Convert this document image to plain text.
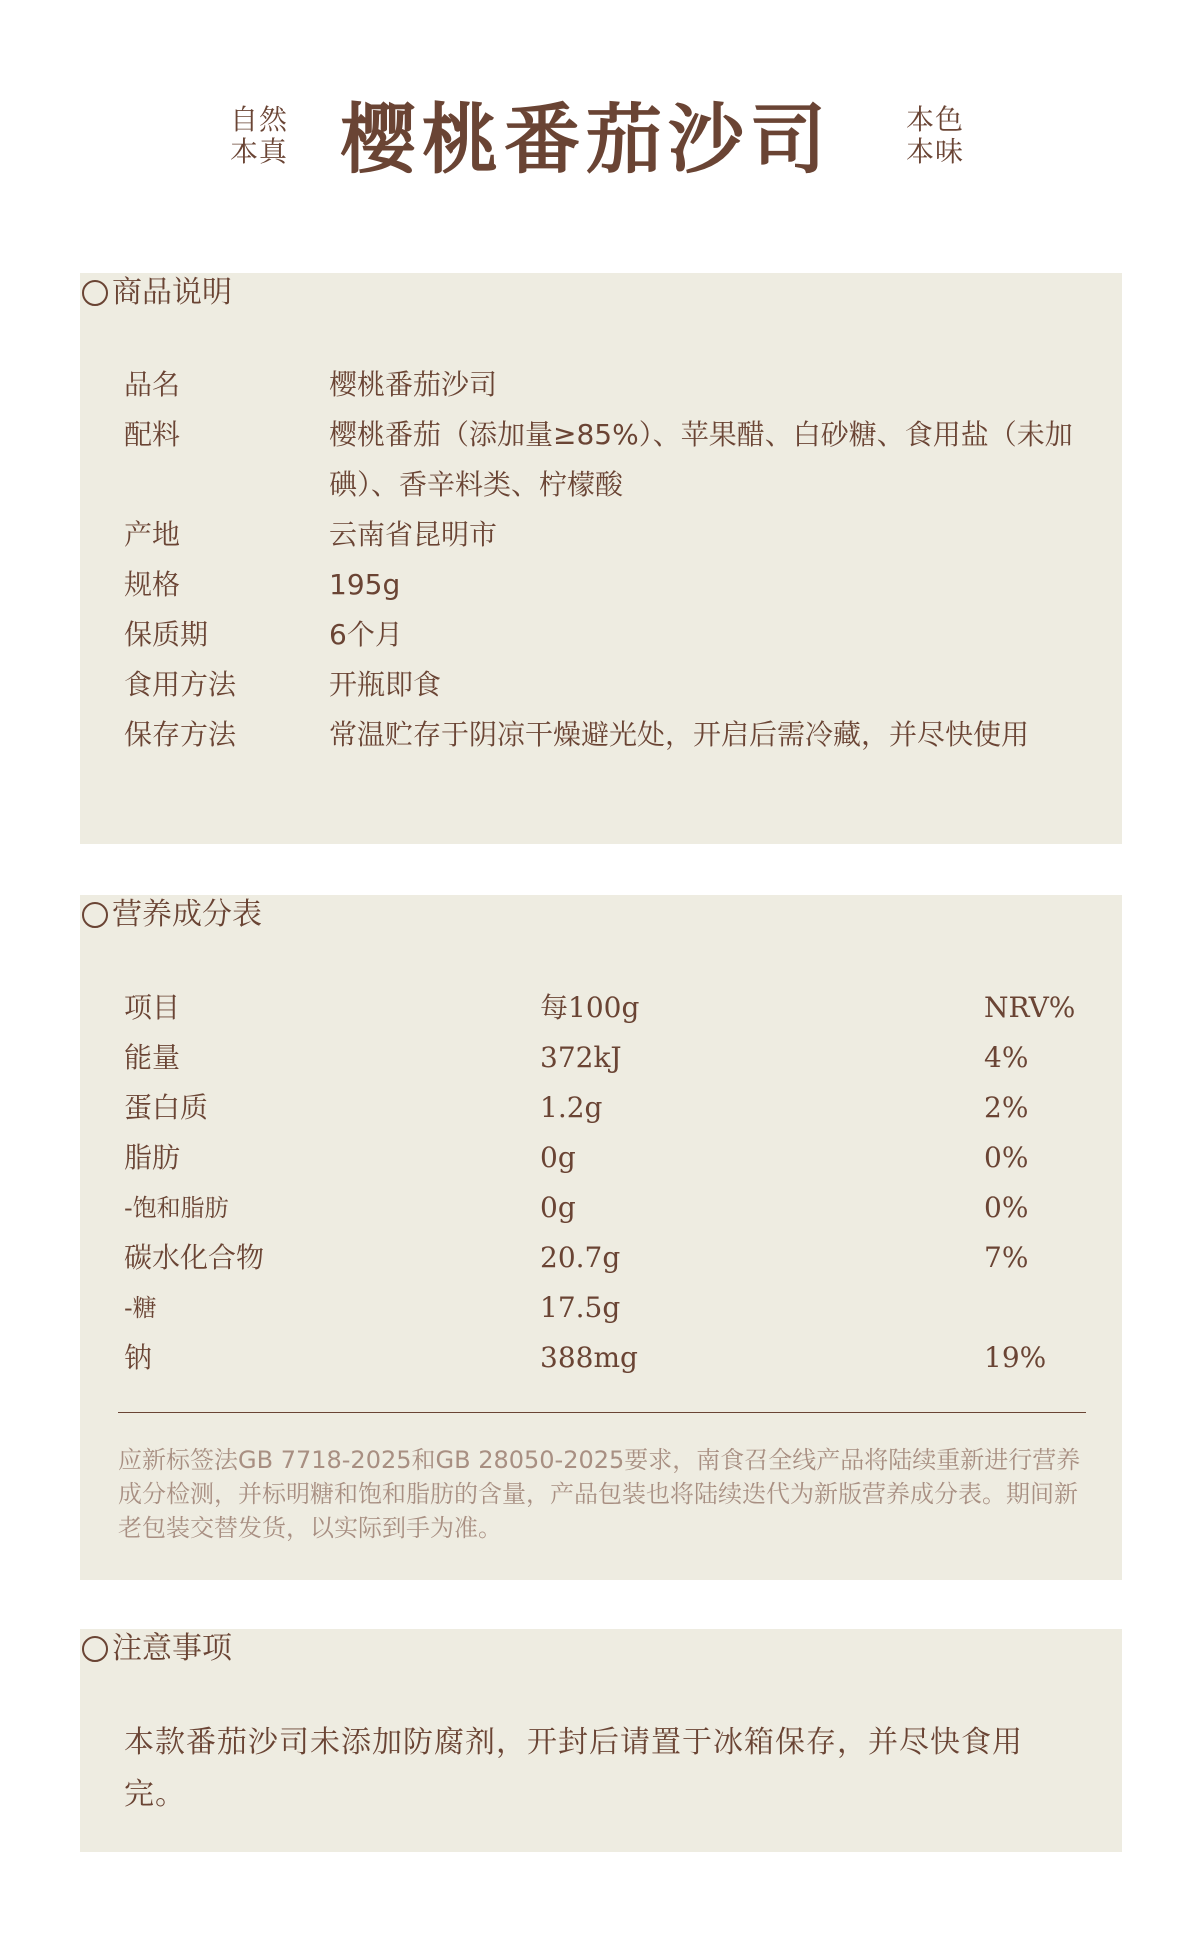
自然
本真 樱桃番茄沙司	本色
本味
商品说明
品名	樱桃番茄沙司
配料	樱桃番茄（添加量≥85%）、苹果醋、白砂糖、食用盐（未加碘）、香辛料类、柠檬酸
产地	云南省昆明市
规格	195g
保质期	6个月
食用方法	开瓶即食
保存方法	常温贮存于阴凉干燥避光处，开启后需冷藏，并尽快使用
营养成分表
项目	每100g	NRV%
能量	372kJ	4%
蛋白质	1.2g	2%
脂肪	0g	0%
-饱和脂肪	0g	0%
碳水化合物	20.7g	7%
-糖	17.5g
钠	388mg	19%
应新标签法GB 7718-2025和GB 28050-2025要求，南食召全线产品将陆续重新进行营养成分检测，并标明糖和饱和脂肪的含量，产品包装也将陆续迭代为新版营养成分表。期间新老包装交替发货，以实际到手为准。
注意事项
本款番茄沙司未添加防腐剂，开封后请置于冰箱保存，并尽快食用完。
